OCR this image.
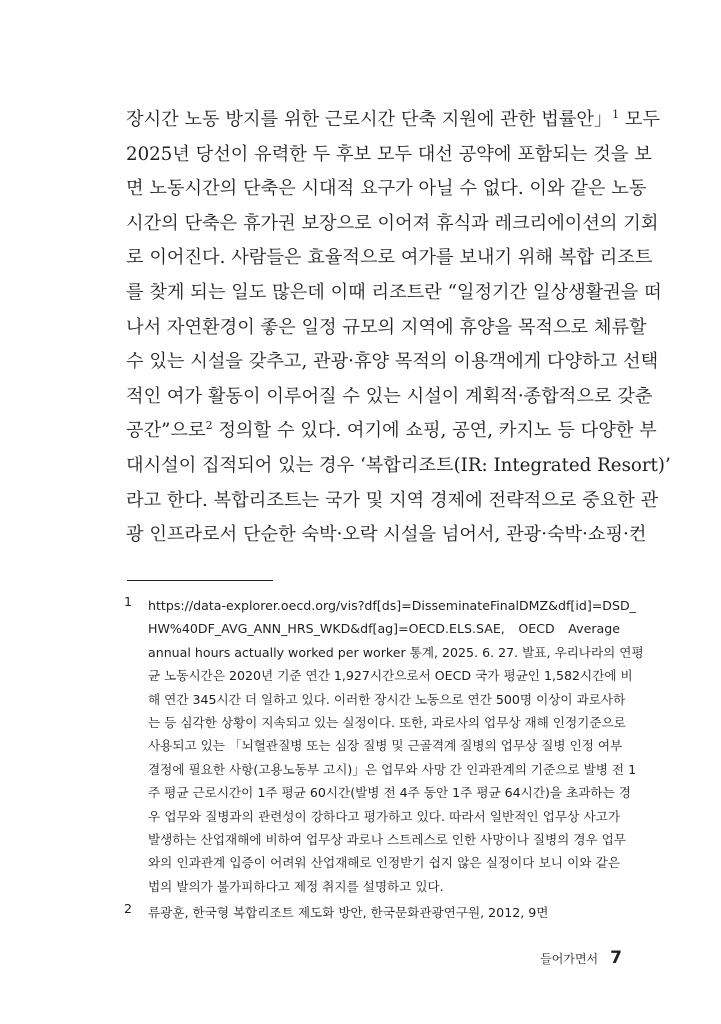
장시간 노동 방지를 위한 근로시간 단축 지원에 관한 법률안」$^1$ 모두
2025년 당선이 유력한 두 후보 모두 대선 공약에 포함되는 것을 보
면 노동시간의 단축은 시대적 요구가 아닐 수 없다. 이와 같은 노동
시간의 단축은 휴가권 보장으로 이어져 휴식과 레크리에이션의 기회
로 이어진다. 사람들은 효율적으로 여가를 보내기 위해 복합 리조트
를 찾게 되는 일도 많은데 이때 리조트란 “일정기간 일상생활권을 떠
나서 자연환경이 좋은 일정 규모의 지역에 휴양을 목적으로 체류할
수 있는 시설을 갖추고, 관광·휴양 목적의 이용객에게 다양하고 선택
적인 여가 활동이 이루어질 수 있는 시설이 계획적·종합적으로 갖춘
공간”으로$^2$ 정의할 수 있다. 여기에 쇼핑, 공연, 카지노 등 다양한 부
대시설이 집적되어 있는 경우 ‘복합리조트(IR: Integrated Resort)’
라고 한다. 복합리조트는 국가 및 지역 경제에 전략적으로 중요한 관
광 인프라로서 단순한 숙박·오락 시설을 넘어서, 관광·숙박·쇼핑·컨
1 https://data-explorer.oecd.org/vis?df[ds]=DisseminateFinalDMZ&df[id]=DSD_
HW%40DF_AVG_ANN_HRS_WKD&df[ag]=OECD.ELS.SAE, OECD Average
annual hours actually worked per worker 통계, 2025. 6. 27. 발표, 우리나라의 연평
균 노동시간은 2020년 기준 연간 1,927시간으로서 OECD 국가 평균인 1,582시간에 비
해 연간 345시간 더 일하고 있다. 이러한 장시간 노동으로 연간 500명 이상이 과로사하
는 등 심각한 상황이 지속되고 있는 실정이다. 또한, 과로사의 업무상 재해 인정기준으로
사용되고 있는 「뇌혈관질병 또는 심장 질병 및 근골격계 질병의 업무상 질병 인정 여부
결정에 필요한 사항(고용노동부 고시)」은 업무와 사망 간 인과관계의 기준으로 발병 전 1
주 평균 근로시간이 1주 평균 60시간(발병 전 4주 동안 1주 평균 64시간)을 초과하는 경
우 업무와 질병과의 관련성이 강하다고 평가하고 있다. 따라서 일반적인 업무상 사고가
발생하는 산업재해에 비하여 업무상 과로나 스트레스로 인한 사망이나 질병의 경우 업무
와의 인과관계 입증이 어려워 산업재해로 인정받기 쉽지 않은 실정이다 보니 이와 같은
법의 발의가 불가피하다고 제정 취지를 설명하고 있다.
2 류광훈, 한국형 복합리조트 제도화 방안, 한국문화관광연구원, 2012, 9면
들어가면서 7
